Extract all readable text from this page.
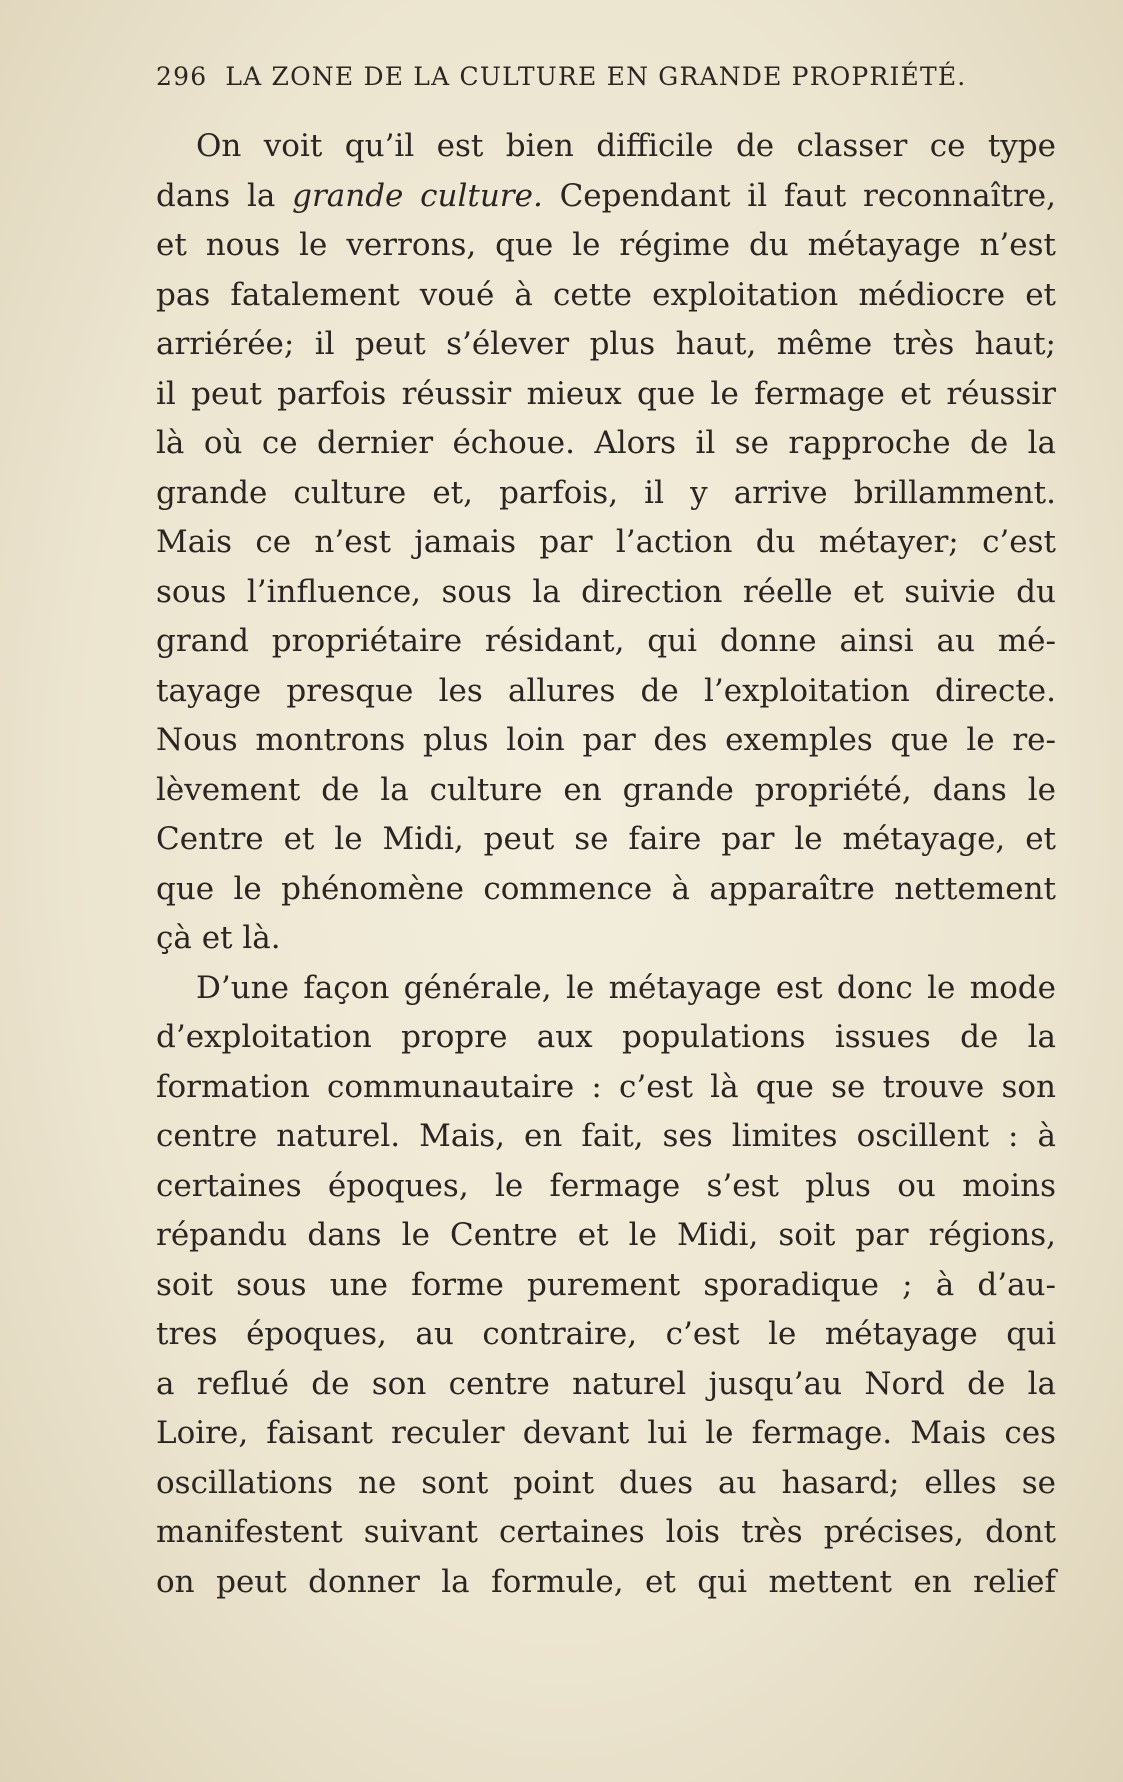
296 LA ZONE DE LA CULTURE EN GRANDE PROPRIÉTÉ.
On voit qu’il est bien difficile de classer ce type
dans la grande culture. Cependant il faut reconnaître,
et nous le verrons, que le régime du métayage n’est
pas fatalement voué à cette exploitation médiocre et
arriérée; il peut s’élever plus haut, même très haut;
il peut parfois réussir mieux que le fermage et réussir
là où ce dernier échoue. Alors il se rapproche de la
grande culture et, parfois, il y arrive brillamment.
Mais ce n’est jamais par l’action du métayer; c’est
sous l’influence, sous la direction réelle et suivie du
grand propriétaire résidant, qui donne ainsi au mé-
tayage presque les allures de l’exploitation directe.
Nous montrons plus loin par des exemples que le re-
lèvement de la culture en grande propriété, dans le
Centre et le Midi, peut se faire par le métayage, et
que le phénomène commence à apparaître nettement
çà et là.
D’une façon générale, le métayage est donc le mode
d’exploitation propre aux populations issues de la
formation communautaire : c’est là que se trouve son
centre naturel. Mais, en fait, ses limites oscillent : à
certaines époques, le fermage s’est plus ou moins
répandu dans le Centre et le Midi, soit par régions,
soit sous une forme purement sporadique ; à d’au-
tres époques, au contraire, c’est le métayage qui
a reflué de son centre naturel jusqu’au Nord de la
Loire, faisant reculer devant lui le fermage. Mais ces
oscillations ne sont point dues au hasard; elles se
manifestent suivant certaines lois très précises, dont
on peut donner la formule, et qui mettent en relief
